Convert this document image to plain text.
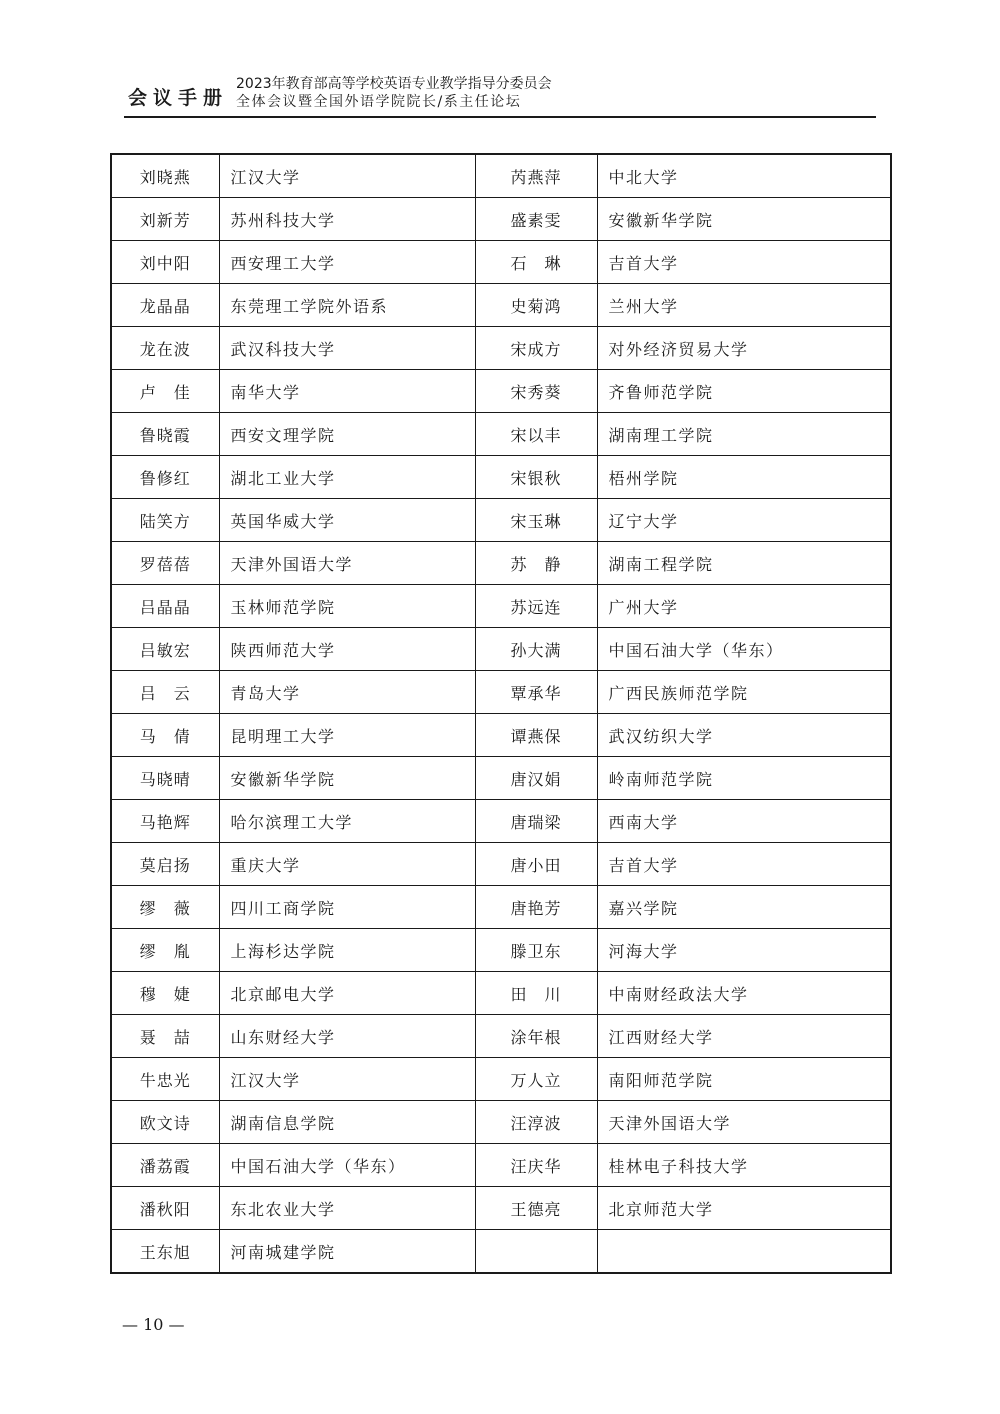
会议手册
2023年教育部高等学校英语专业教学指导分委员会
全体会议暨全国外语学院院长/系主任论坛
刘晓燕	江汉大学	芮燕萍	中北大学
刘新芳	苏州科技大学	盛素雯	安徽新华学院
刘中阳	西安理工大学	石　琳	吉首大学
龙晶晶	东莞理工学院外语系	史菊鸿	兰州大学
龙在波	武汉科技大学	宋成方	对外经济贸易大学
卢　佳	南华大学	宋秀葵	齐鲁师范学院
鲁晓霞	西安文理学院	宋以丰	湖南理工学院
鲁修红	湖北工业大学	宋银秋	梧州学院
陆笑方	英国华威大学	宋玉琳	辽宁大学
罗蓓蓓	天津外国语大学	苏　静	湖南工程学院
吕晶晶	玉林师范学院	苏远连	广州大学
吕敏宏	陕西师范大学	孙大满	中国石油大学（华东）
吕　云	青岛大学	覃承华	广西民族师范学院
马　倩	昆明理工大学	谭燕保	武汉纺织大学
马晓晴	安徽新华学院	唐汉娟	岭南师范学院
马艳辉	哈尔滨理工大学	唐瑞梁	西南大学
莫启扬	重庆大学	唐小田	吉首大学
缪　薇	四川工商学院	唐艳芳	嘉兴学院
缪　胤	上海杉达学院	滕卫东	河海大学
穆　婕	北京邮电大学	田　川	中南财经政法大学
聂　喆	山东财经大学	涂年根	江西财经大学
牛忠光	江汉大学	万人立	南阳师范学院
欧文诗	湖南信息学院	汪淳波	天津外国语大学
潘荔霞	中国石油大学（华东）	汪庆华	桂林电子科技大学
潘秋阳	东北农业大学	王德亮	北京师范大学
王东旭	河南城建学院		
— 10 —
